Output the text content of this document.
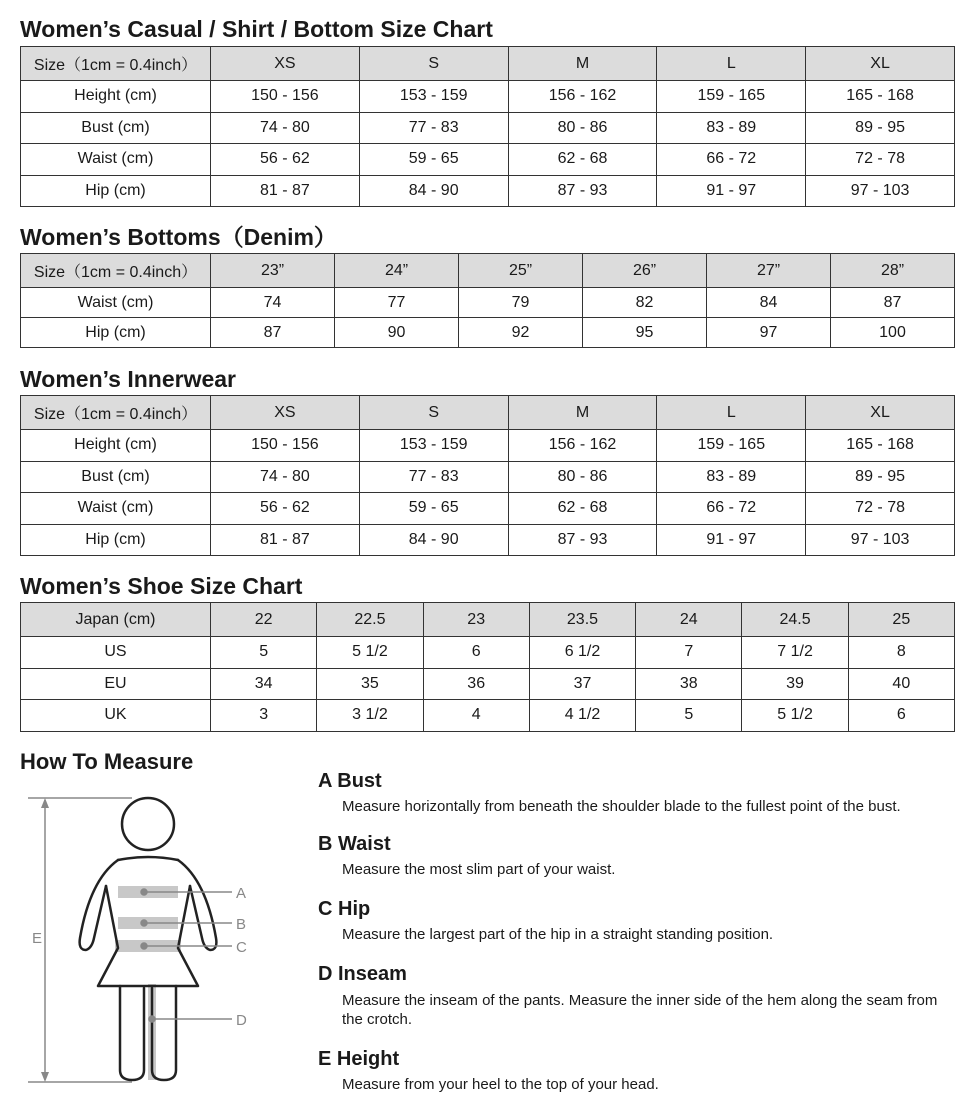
Women’s Casual / Shirt / Bottom Size Chart
Size（1cm = 0.4inch）	XS	S	M	L	XL
Height (cm)	150 - 156	153 - 159	156 - 162	159 - 165	165 - 168
Bust (cm)	74 - 80	77 - 83	80 - 86	83 - 89	89 - 95
Waist (cm)	56 - 62	59 - 65	62 - 68	66 - 72	72 - 78
Hip (cm)	81 - 87	84 - 90	87 - 93	91 - 97	97 - 103
Women’s Bottoms（Denim）
Size（1cm = 0.4inch）	23”	24”	25”	26”	27”	28”
Waist (cm)	74	77	79	82	84	87
Hip (cm)	87	90	92	95	97	100
Women’s Innerwear
Size（1cm = 0.4inch）	XS	S	M	L	XL
Height (cm)	150 - 156	153 - 159	156 - 162	159 - 165	165 - 168
Bust (cm)	74 - 80	77 - 83	80 - 86	83 - 89	89 - 95
Waist (cm)	56 - 62	59 - 65	62 - 68	66 - 72	72 - 78
Hip (cm)	81 - 87	84 - 90	87 - 93	91 - 97	97 - 103
Women’s Shoe Size Chart
Japan (cm)	22	22.5	23	23.5	24	24.5	25
US	5	5 1/2	6	6 1/2	7	7 1/2	8
EU	34	35	36	37	38	39	40
UK	3	3 1/2	4	4 1/2	5	5 1/2	6
How To Measure
E
A
B
C
D
A Bust

Measure horizontally from beneath the shoulder blade to the fullest point of the bust.

B Waist

Measure the most slim part of your waist.

C Hip

Measure the largest part of the hip in a straight standing position.

D Inseam

Measure the inseam of the pants. Measure the inner side of the hem along the seam from the crotch.

E Height

Measure from your heel to the top of your head.
